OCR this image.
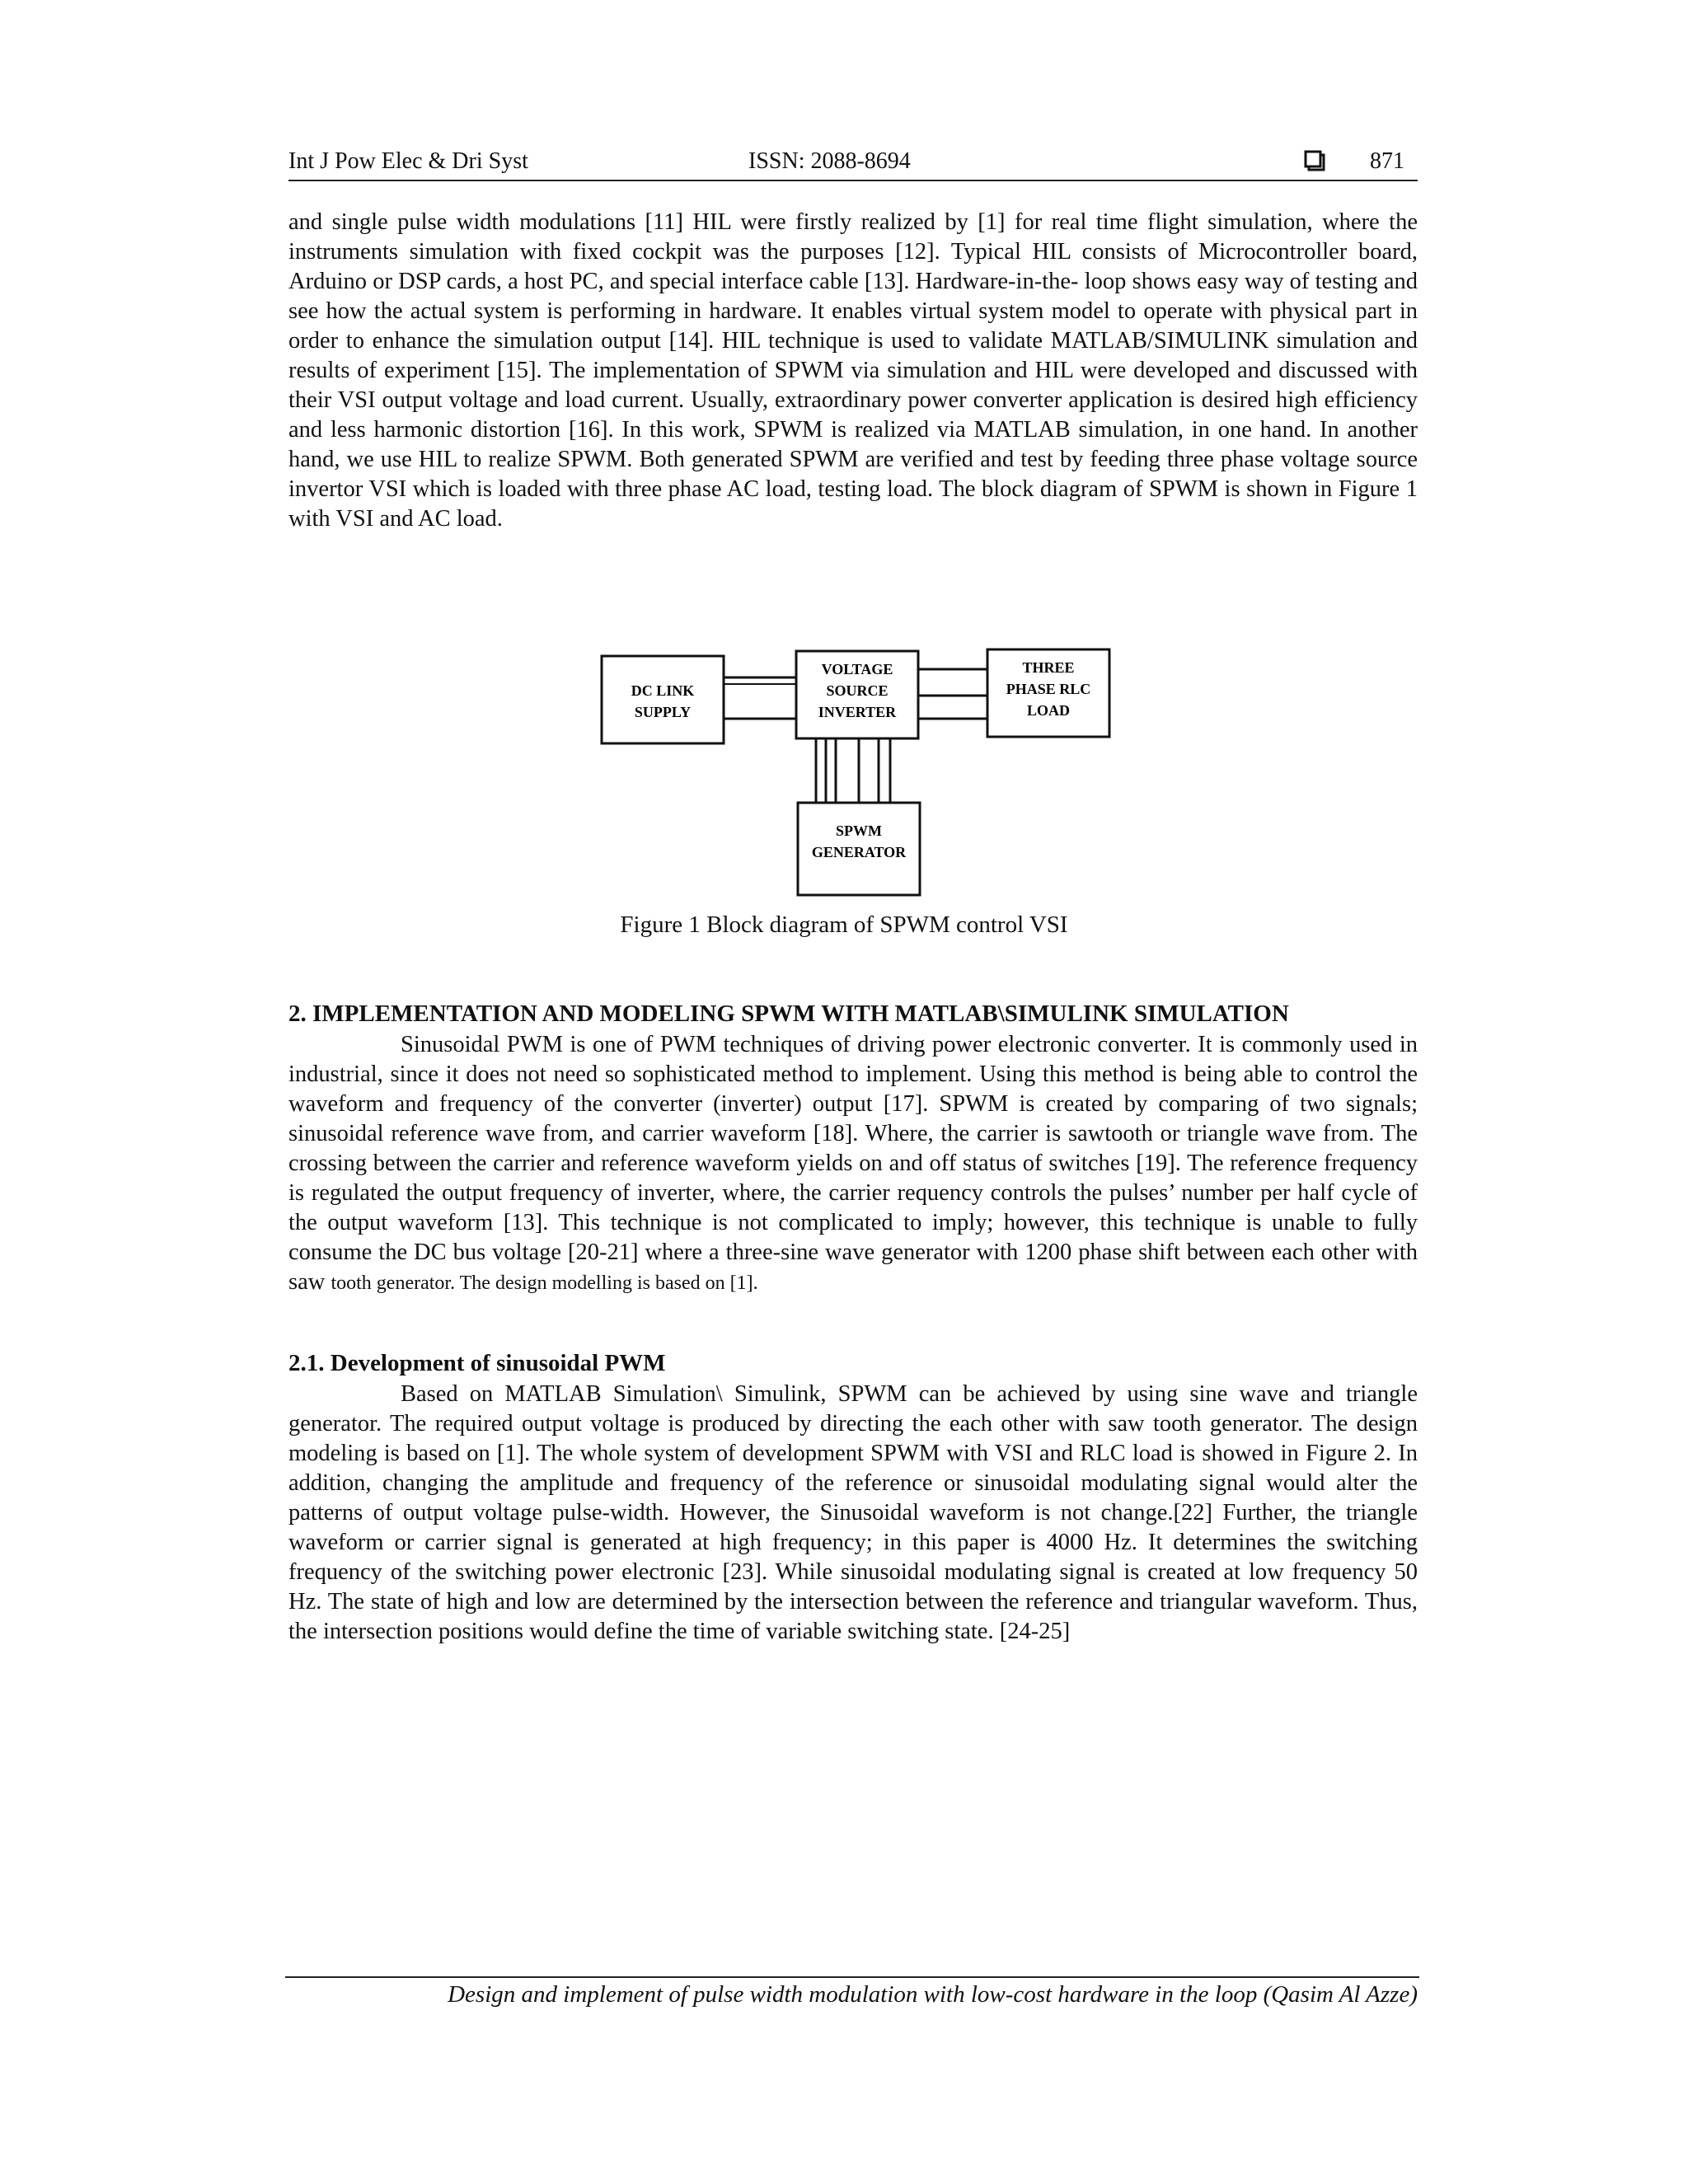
Int J Pow Elec & Dri Syst	ISSN: 2088-8694	871

and single pulse width modulations [11] HIL were firstly realized by [1] for real time flight simulation, where the instruments simulation with fixed cockpit was the purposes [12]. Typical HIL consists of Microcontroller board, Arduino or DSP cards, a host PC, and special interface cable [13]. Hardware-in-the- loop shows easy way of testing and see how the actual system is performing in hardware. It enables virtual system model to operate with physical part in order to enhance the simulation output [14]. HIL technique is used to validate MATLAB/SIMULINK simulation and results of experiment [15]. The implementation of SPWM via simulation and HIL were developed and discussed with their VSI output voltage and load current. Usually, extraordinary power converter application is desired high efficiency and less harmonic distortion [16]. In this work, SPWM is realized via MATLAB simulation, in one hand. In another hand, we use HIL to realize SPWM. Both generated SPWM are verified and test by feeding three phase voltage source invertor VSI which is loaded with three phase AC load, testing load. The block diagram of SPWM is shown in Figure 1 with VSI and AC load.

DC LINK
SUPPLY
VOLTAGE
SOURCE
INVERTER
THREE
PHASE RLC
LOAD
SPWM
GENERATOR
Figure 1 Block diagram of SPWM control VSI
2. IMPLEMENTATION AND MODELING SPWM WITH MATLAB\SIMULINK SIMULATION

Sinusoidal PWM is one of PWM techniques of driving power electronic converter. It is commonly used in industrial, since it does not need so sophisticated method to implement. Using this method is being able to control the waveform and frequency of the converter (inverter) output [17]. SPWM is created by comparing of two signals; sinusoidal reference wave from, and carrier waveform [18]. Where, the carrier is sawtooth or triangle wave from. The crossing between the carrier and reference waveform yields on and off status of switches [19]. The reference frequency is regulated the output frequency of inverter, where, the carrier requency controls the pulses’ number per half cycle of the output waveform [13]. This technique is not complicated to imply; however, this technique is unable to fully consume the DC bus voltage [20-21] where a three-sine wave generator with 1200 phase shift between each other with saw tooth generator. The design modelling is based on [1].

2.1. Development of sinusoidal PWM

Based on MATLAB Simulation\ Simulink, SPWM can be achieved by using sine wave and triangle generator. The required output voltage is produced by directing the each other with saw tooth generator. The design modeling is based on [1]. The whole system of development SPWM with VSI and RLC load is showed in Figure 2. In addition, changing the amplitude and frequency of the reference or sinusoidal modulating signal would alter the patterns of output voltage pulse-width. However, the Sinusoidal waveform is not change.[22] Further, the triangle waveform or carrier signal is generated at high frequency; in this paper is 4000 Hz. It determines the switching frequency of the switching power electronic [23]. While sinusoidal modulating signal is created at low frequency 50 Hz. The state of high and low are determined by the intersection between the reference and triangular waveform. Thus, the intersection positions would define the time of variable switching state. [24-25]

Design and implement of pulse width modulation with low-cost hardware in the loop (Qasim Al Azze)
